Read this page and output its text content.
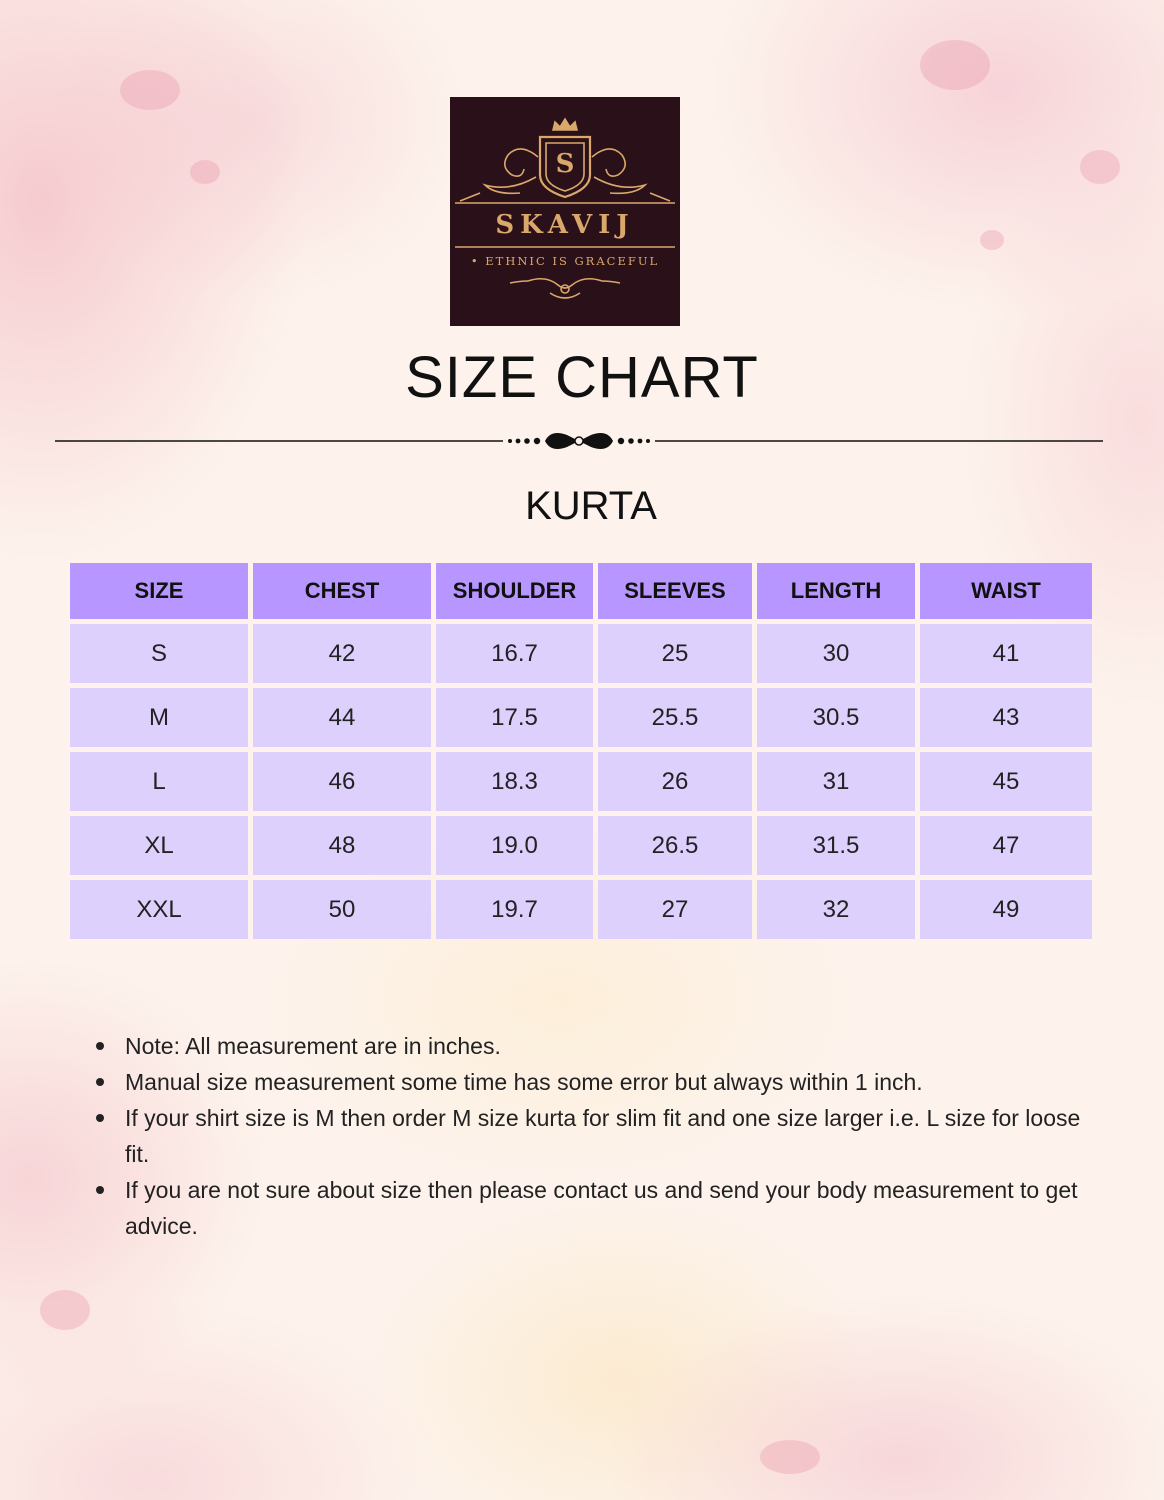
S
SKAVIJ
• ETHNIC IS GRACEFUL
SIZE CHART
KURTA
SIZE	CHEST	SHOULDER	SLEEVES	LENGTH	WAIST
S	42	16.7	25	30	41
M	44	17.5	25.5	30.5	43
L	46	18.3	26	31	45
XL	48	19.0	26.5	31.5	47
XXL	50	19.7	27	32	49
Note: All measurement are in inches.
Manual size measurement some time has some error but always within 1 inch.
If your shirt size is M then order M size kurta for slim fit and one size larger i.e. L size for loose fit.
If you are not sure about size then please contact us and send your body measurement to get advice.
